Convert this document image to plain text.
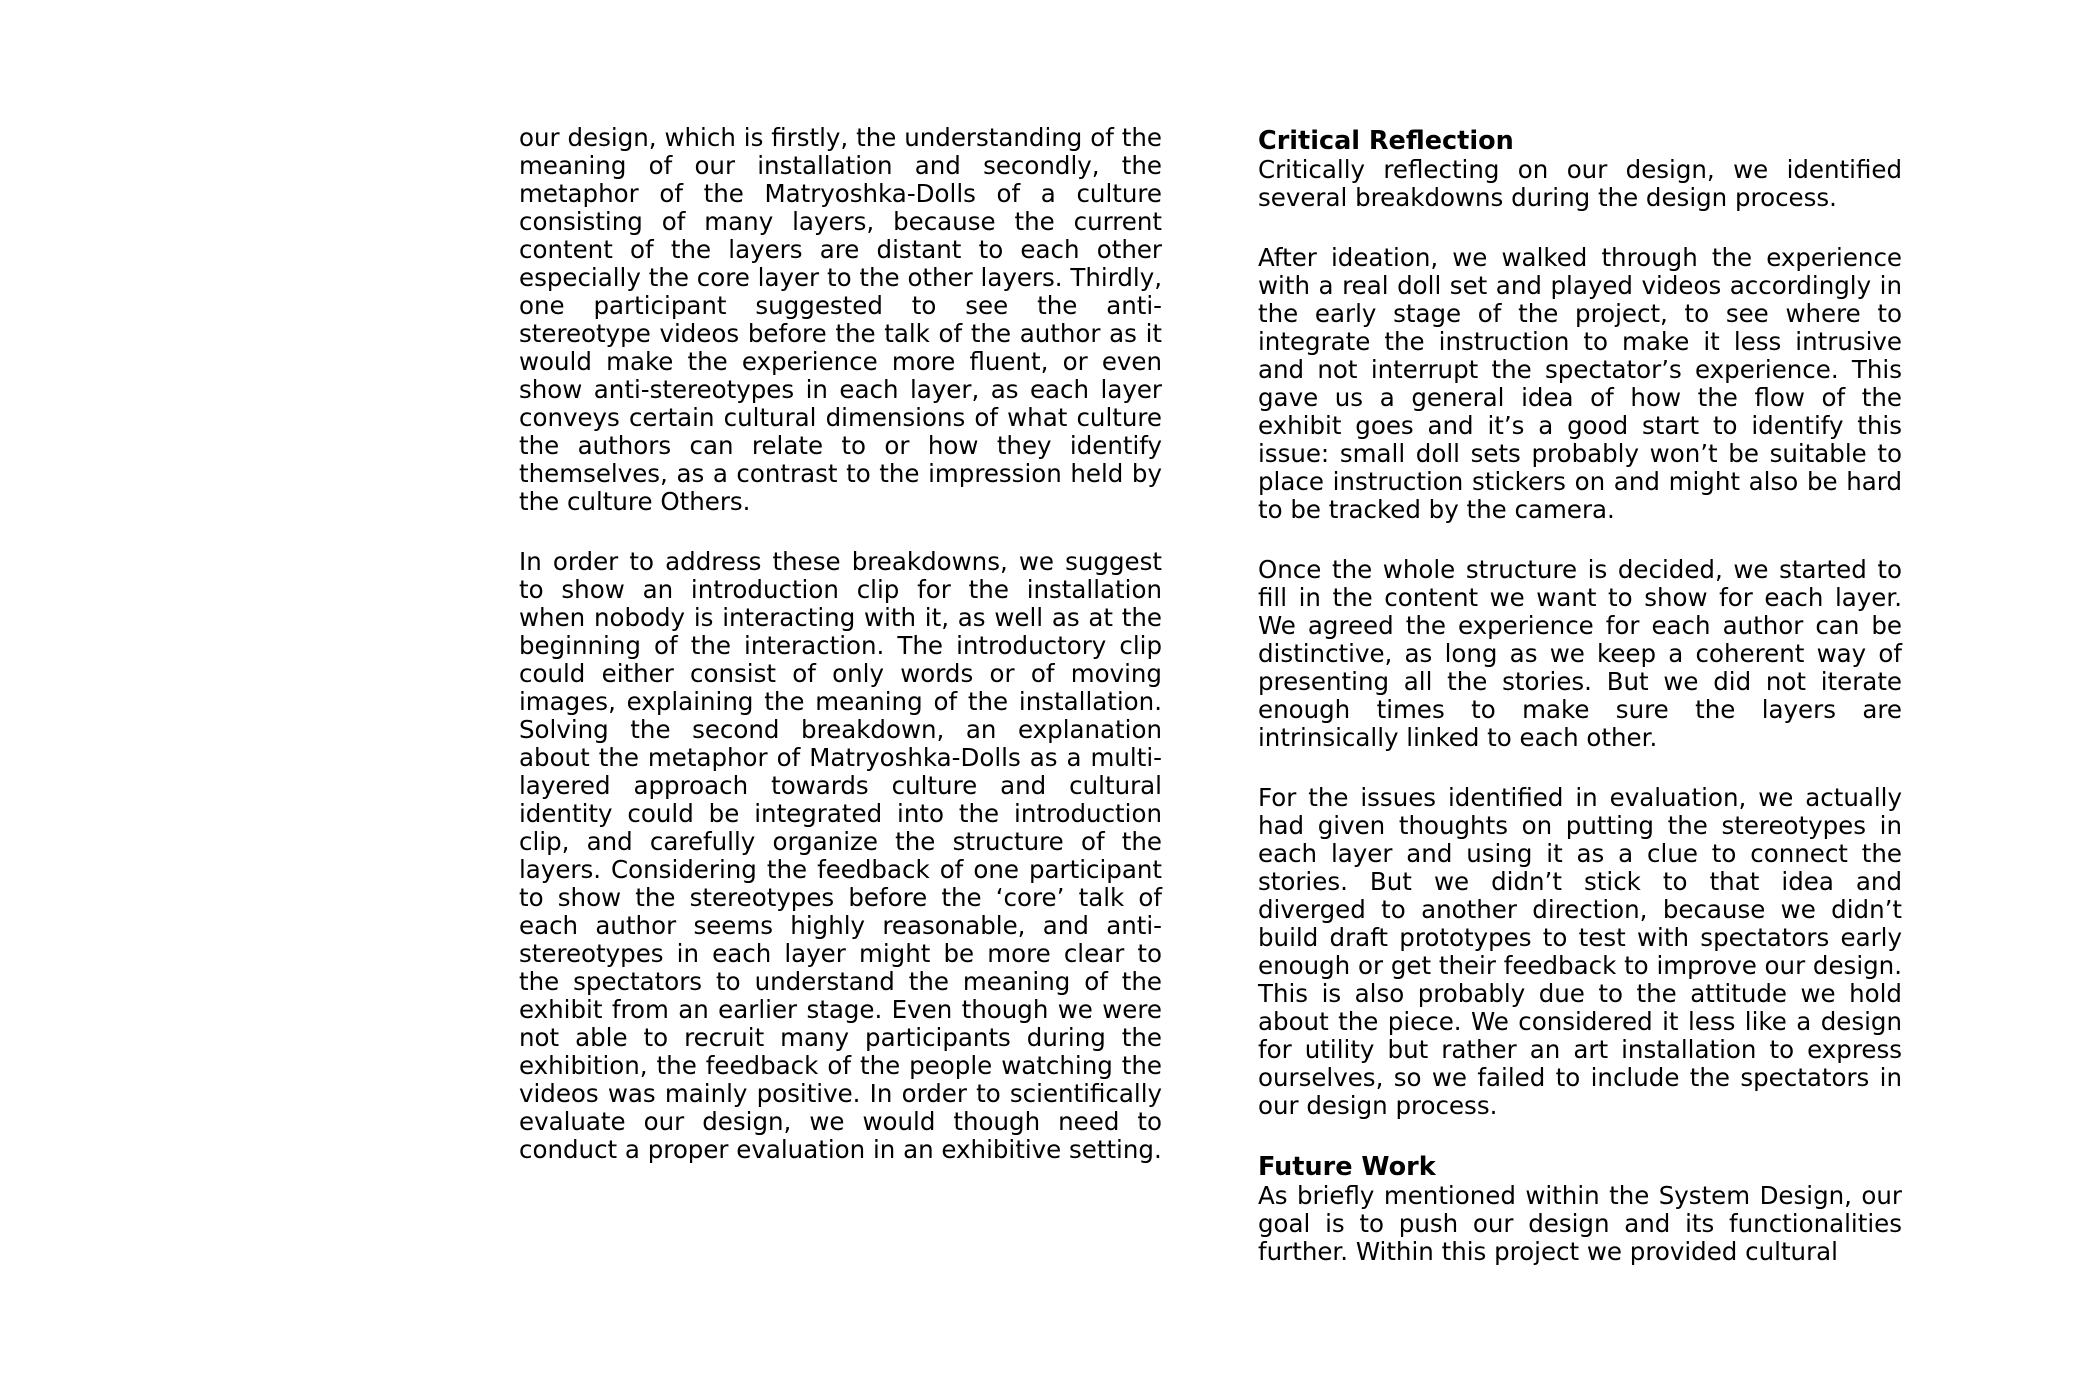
our design, which is firstly, the understanding of the meaning of our installation and secondly, the metaphor of the Matryoshka-Dolls of a culture consisting of many layers, because the current content of the layers are distant to each other especially the core layer to the other layers. Thirdly, one participant suggested to see the anti-stereotype videos before the talk of the author as it would make the experience more fluent, or even show anti-stereotypes in each layer, as each layer conveys certain cultural dimensions of what culture the authors can relate to or how they identify themselves, as a contrast to the impression held by the culture Others.

In order to address these breakdowns, we suggest to show an introduction clip for the installation when nobody is interacting with it, as well as at the beginning of the interaction. The introductory clip could either consist of only words or of moving images, explaining the meaning of the installation. Solving the second breakdown, an explanation about the metaphor of Matryoshka-Dolls as a multi-layered approach towards culture and cultural identity could be integrated into the introduction clip, and carefully organize the structure of the layers. Considering the feedback of one participant to show the stereotypes before the ‘core’ talk of each author seems highly reasonable, and anti-stereotypes in each layer might be more clear to the spectators to understand the meaning of the exhibit from an earlier stage. Even though we were not able to recruit many participants during the exhibition, the feedback of the people watching the videos was mainly positive. In order to scientifically evaluate our design, we would though need to conduct a proper evaluation in an exhibitive setting.

Critical Reflection

Critically reflecting on our design, we identified several breakdowns during the design process.

After ideation, we walked through the experience with a real doll set and played videos accordingly in the early stage of the project, to see where to integrate the instruction to make it less intrusive and not interrupt the spectator’s experience. This gave us a general idea of how the flow of the exhibit goes and it’s a good start to identify this issue: small doll sets probably won’t be suitable to place instruction stickers on and might also be hard to be tracked by the camera.

Once the whole structure is decided, we started to fill in the content we want to show for each layer. We agreed the experience for each author can be distinctive, as long as we keep a coherent way of presenting all the stories. But we did not iterate enough times to make sure the layers are intrinsically linked to each other.

For the issues identified in evaluation, we actually had given thoughts on putting the stereotypes in each layer and using it as a clue to connect the stories. But we didn’t stick to that idea and diverged to another direction, because we didn’t build draft prototypes to test with spectators early enough or get their feedback to improve our design. This is also probably due to the attitude we hold about the piece. We considered it less like a design for utility but rather an art installation to express ourselves, so we failed to include the spectators in our design process.

Future Work

As briefly mentioned within the System Design, our goal is to push our design and its functionalities further. Within this project we provided cultural
